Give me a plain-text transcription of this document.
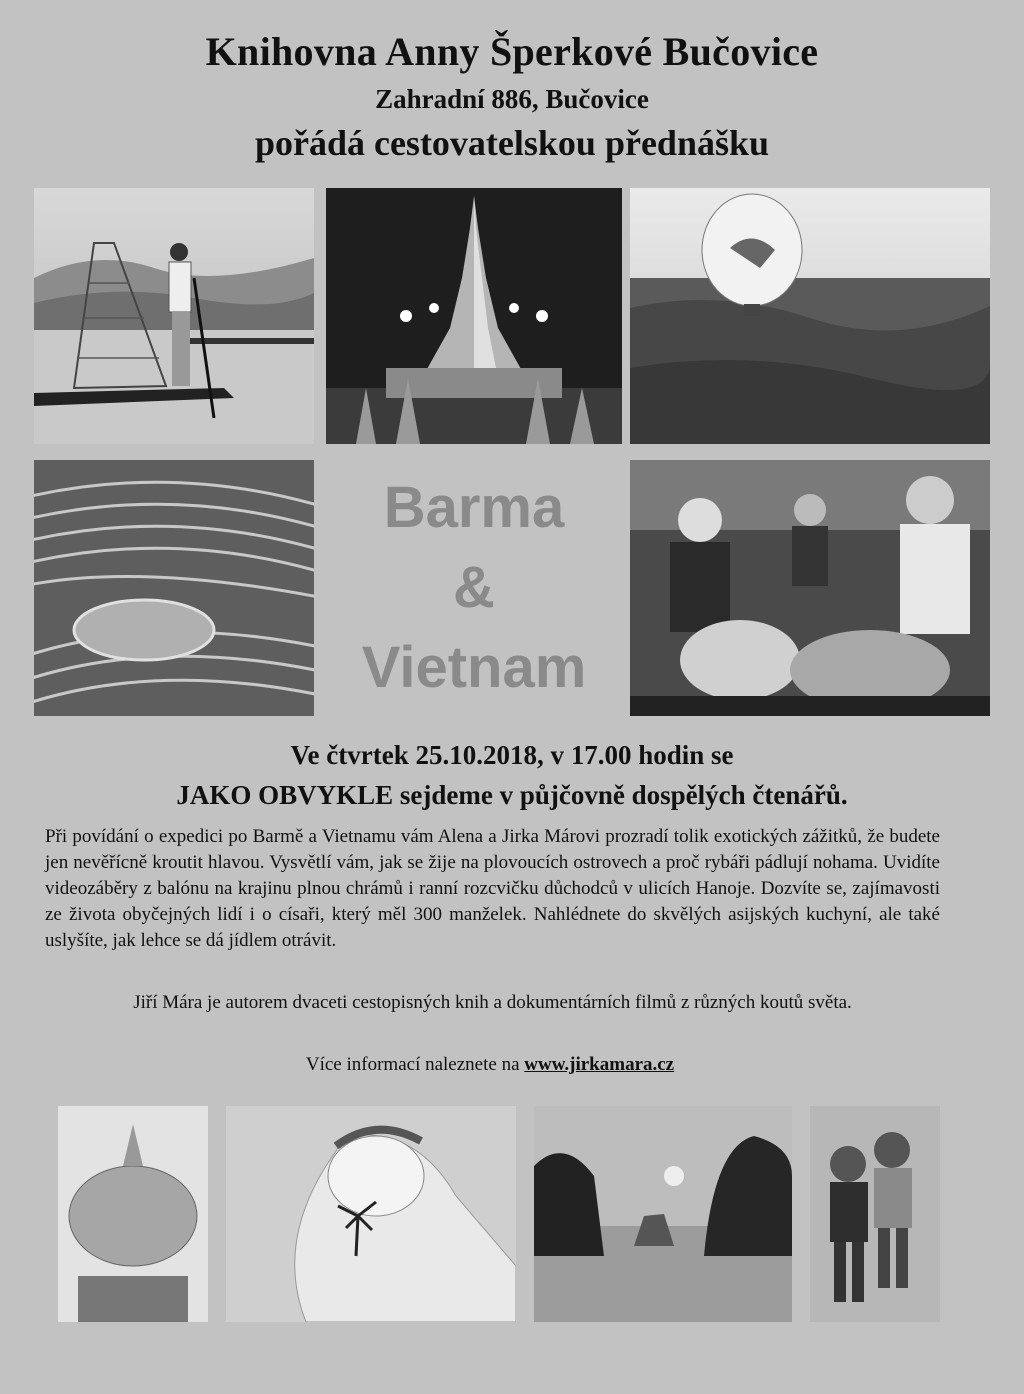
Knihovna Anny Šperkové Bučovice
Zahradní 886, Bučovice
pořádá cestovatelskou přednášku
Barma
&
Vietnam
Ve čtvrtek 25.10.2018, v 17.00 hodin se
JAKO OBVYKLE sejdeme v půjčovně dospělých čtenářů.
Při povídání o expedici po Barmě a Vietnamu vám Alena a Jirka Márovi prozradí tolik exotických zážitků, že budete jen nevěřícně kroutit hlavou. Vysvětlí vám, jak se žije na plovoucích ostrovech a proč rybáři pádlují nohama. Uvidíte videozáběry z balónu na krajinu plnou chrámů i ranní rozcvičku důchodců v ulicích Hanoje. Dozvíte se, zajímavosti ze života obyčejných lidí i o císaři, který měl 300 manželek. Nahlédnete do skvělých asijských kuchyní, ale také uslyšíte, jak lehce se dá jídlem otrávit.
Jiří Mára je autorem dvaceti cestopisných knih a dokumentárních filmů z různých koutů světa.
Více informací naleznete na www.jirkamara.cz
